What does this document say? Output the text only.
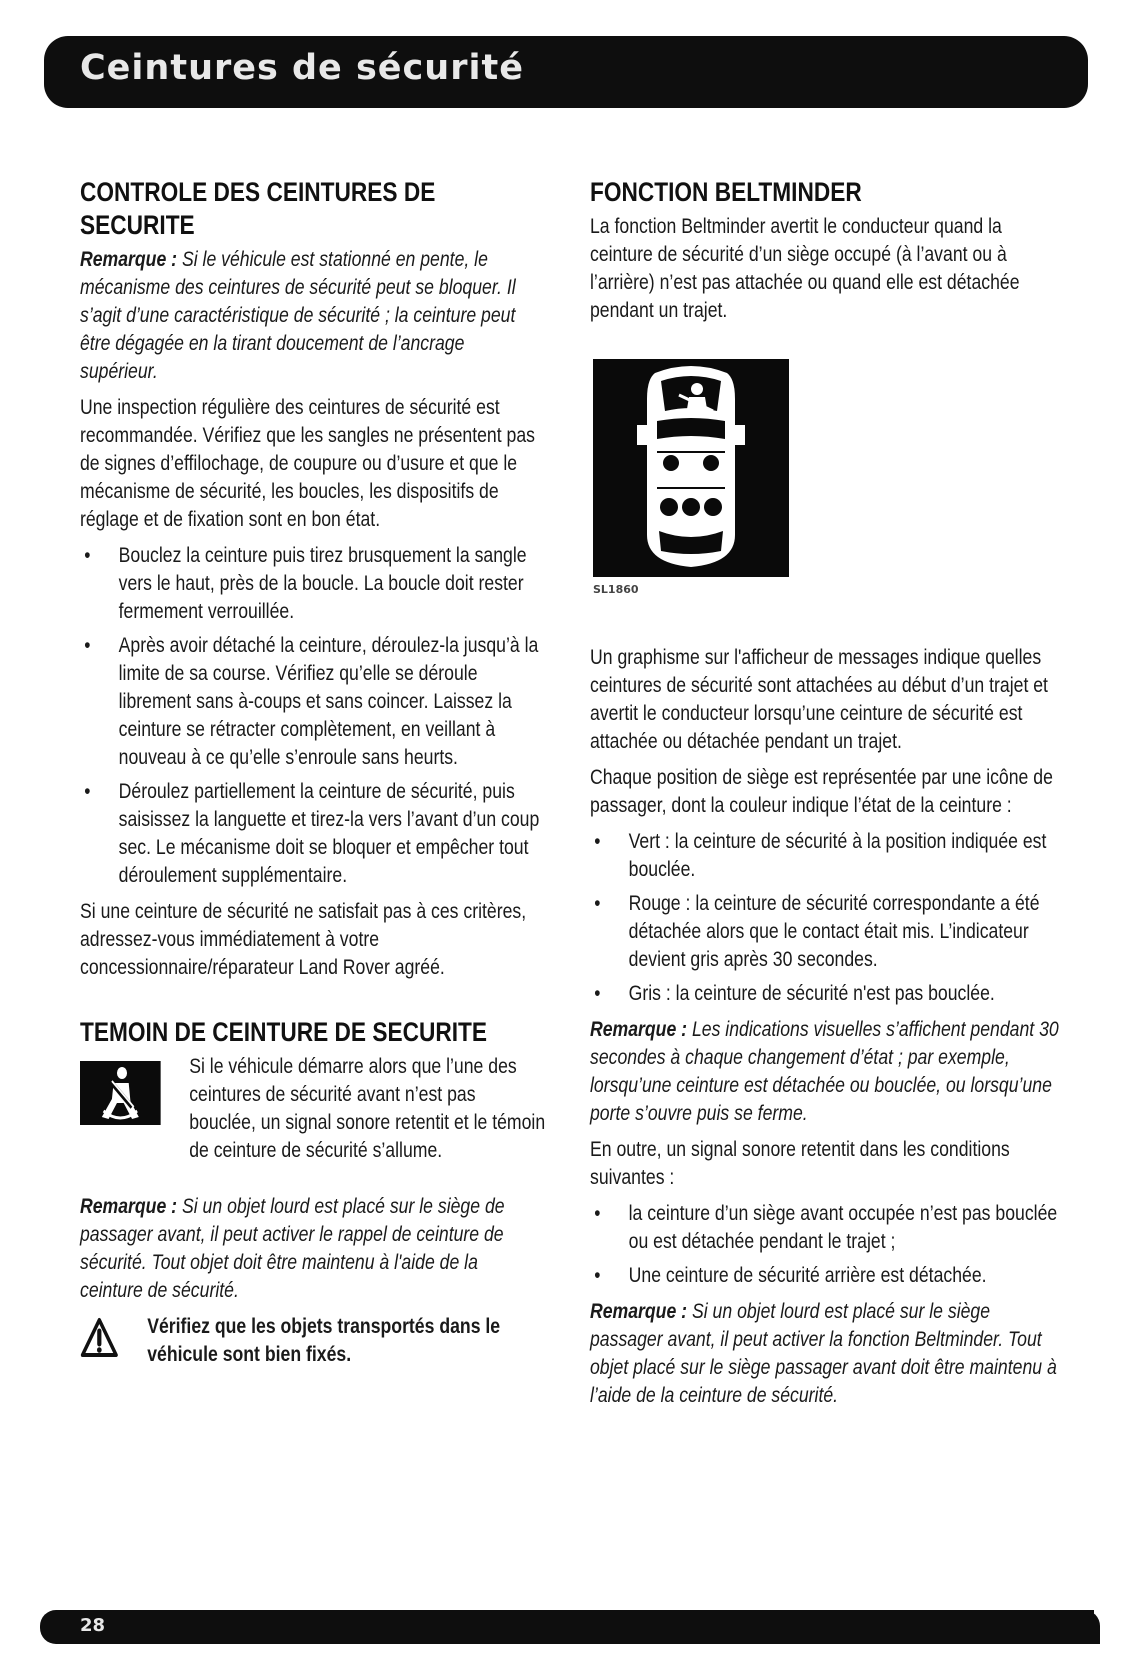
Ceintures de sécurité
CONTROLE DES CEINTURES DE
SECURITE

Remarque : Si le véhicule est stationné en pente, le mécanisme des ceintures de sécurité peut se bloquer. Il s’agit d’une caractéristique de sécurité ; la ceinture peut être dégagée en la tirant doucement de l’ancrage supérieur.

Une inspection régulière des ceintures de sécurité est recommandée. Vérifiez que les sangles ne présentent pas de signes d’effilochage, de coupure ou d’usure et que le mécanisme de sécurité, les boucles, les dispositifs de réglage et de fixation sont en bon état.

• Bouclez la ceinture puis tirez brusquement la sangle vers le haut, près de la boucle. La boucle doit rester fermement verrouillée.
• Après avoir détaché la ceinture, déroulez-la jusqu’à la limite de sa course. Vérifiez qu’elle se déroule librement sans à-coups et sans coincer. Laissez la ceinture se rétracter complètement, en veillant à nouveau à ce qu’elle s’enroule sans heurts.
• Déroulez partiellement la ceinture de sécurité, puis saisissez la languette et tirez-la vers l’avant d’un coup sec. Le mécanisme doit se bloquer et empêcher tout déroulement supplémentaire.

Si une ceinture de sécurité ne satisfait pas à ces critères, adressez-vous immédiatement à votre concessionnaire/réparateur Land Rover agréé.

TEMOIN DE CEINTURE DE SECURITE

Si le véhicule démarre alors que l’une des ceintures de sécurité avant n’est pas bouclée, un signal sonore retentit et le témoin de ceinture de sécurité s’allume.

Remarque : Si un objet lourd est placé sur le siège de passager avant, il peut activer le rappel de ceinture de sécurité. Tout objet doit être maintenu à l'aide de la ceinture de sécurité.

Vérifiez que les objets transportés dans le véhicule sont bien fixés.

FONCTION BELTMINDER

La fonction Beltminder avertit le conducteur quand la ceinture de sécurité d’un siège occupé (à l’avant ou à l’arrière) n’est pas attachée ou quand elle est détachée pendant un trajet.

SL1860

Un graphisme sur l'afficheur de messages indique quelles ceintures de sécurité sont attachées au début d’un trajet et avertit le conducteur lorsqu’une ceinture de sécurité est attachée ou détachée pendant un trajet.

Chaque position de siège est représentée par une icône de passager, dont la couleur indique l’état de la ceinture :

• Vert : la ceinture de sécurité à la position indiquée est bouclée.
• Rouge : la ceinture de sécurité correspondante a été détachée alors que le contact était mis. L’indicateur devient gris après 30 secondes.
• Gris : la ceinture de sécurité n'est pas bouclée.

Remarque : Les indications visuelles s’affichent pendant 30 secondes à chaque changement d’état ; par exemple, lorsqu’une ceinture est détachée ou bouclée, ou lorsqu’une porte s’ouvre puis se ferme.

En outre, un signal sonore retentit dans les conditions suivantes :

• la ceinture d’un siège avant occupée n’est pas bouclée ou est détachée pendant le trajet ;
• Une ceinture de sécurité arrière est détachée.

Remarque : Si un objet lourd est placé sur le siège passager avant, il peut activer la fonction Beltminder. Tout objet placé sur le siège passager avant doit être maintenu à l’aide de la ceinture de sécurité.

28
